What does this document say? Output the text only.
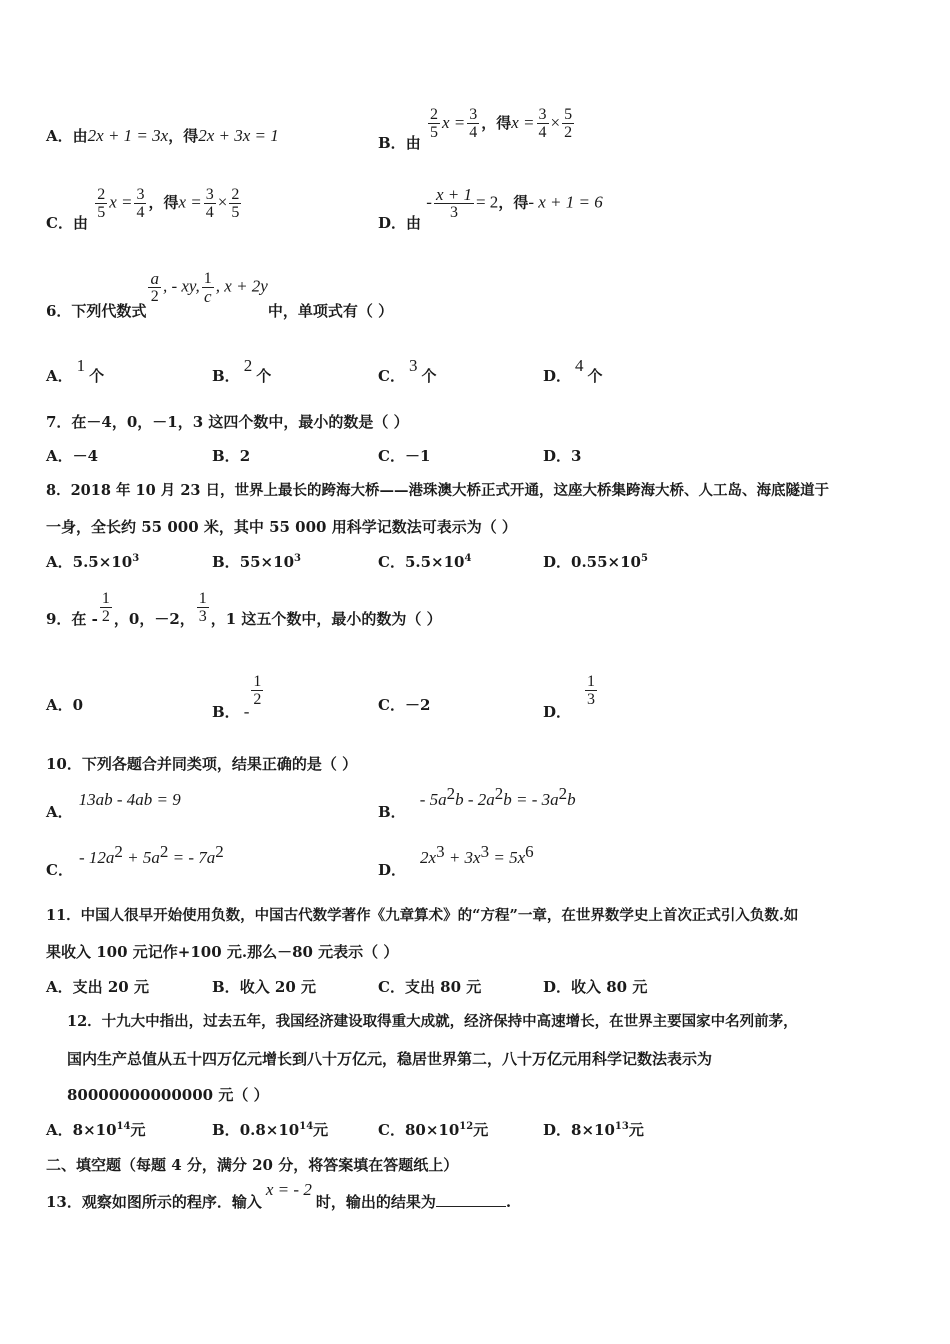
A．由2x + 1 = 3x，得2x + 3x = 1	B．由
$\frac{2}{5}$ $x = \frac{3}{4}$ ，得$x = \frac{3}{4} \times \frac{5}{2}$
C．由
$\frac{2}{5}$ $x = \frac{3}{4}$ ，得$x = \frac{3}{4} \times \frac{2}{5}$
D．由 - $\frac{x + 1}{3} = 2$，得- x + 1 = 6
6．下列代数式
$\frac{a}{2}$ , - xy, $\frac{1}{c}$ , x + 2y中，单项式有（ ）
A．1个	B．2个	C．3个	D．4个
7．在－4，0，－1，3 这四个数中，最小的数是（ ）
A．－4	B．2	C．－1	D．3
8．2018 年 10 月 23 日，世界上最长的跨海大桥——港珠澳大桥正式开通，这座大桥集跨海大桥、人工岛、海底隧道于
一身，全长约 55 000 米，其中 55 000 用科学记数法可表示为（ ）
A．$5.5\times 10^3$	B．$55\times 10^3$	C．$5.5\times 10^4$	D．$0.55\times 10^5$
9．在 - $\frac{1}{2}$ ，0，－2， $\frac{1}{3}$ ，1 这五个数中，最小的数为（ ）
A．0	B． -
$\frac{1}{2}$	C．－2	D．
$\frac{1}{3}$
10．下列各题合并同类项，结果正确的是（ ）
A．13ab - 4ab = 9
B．- $5a^2b - 2a^2b$ = - $3a^2b$
C．- $12a^2 + 5a^2$ = - $7a^2$
D．$2x^3 + 3x^3 = 5x^6$
11．中国人很早开始使用负数，中国古代数学著作《九章算术》的“方程”一章，在世界数学史上首次正式引入负数.如
果收入 100 元记作+100 元.那么－80 元表示（ ）
A．支出 20 元	B．收入 20 元	C．支出 80 元	D．收入 80 元
12．十九大中指出，过去五年，我国经济建设取得重大成就，经济保持中高速增长，在世界主要国家中名列前茅，
国内生产总值从五十四万亿元增长到八十万亿元，稳居世界第二，八十万亿元用科学记数法表示为
80000000000000 元（ ）
A．$8\times 10^{14}$元	B．$0.8\times 10^{14}$元	C．$80\times 10^{12}$元	D．$8\times 10^{13}$元
二、填空题（每题 4 分，满分 20 分，将答案填在答题纸上）
13．观察如图所示的程序．输入x = - 2时，输出的结果为	.
